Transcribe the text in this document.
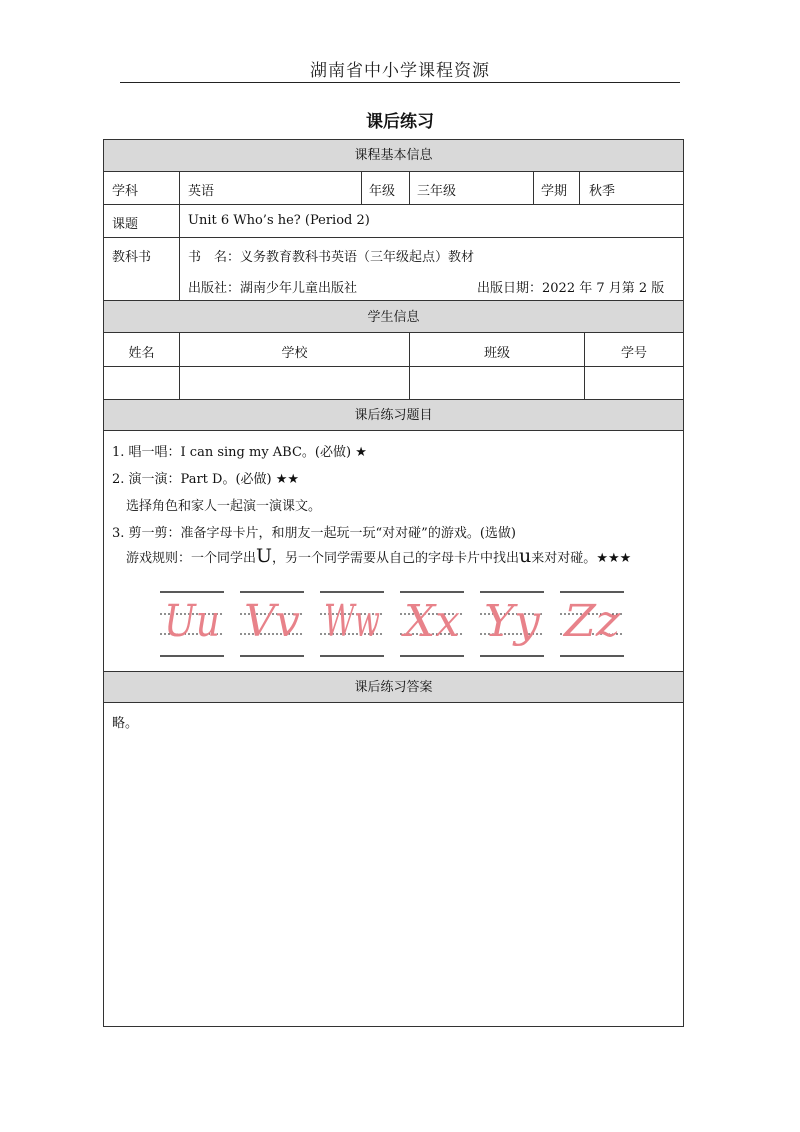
湖南省中小学课程资源
课后练习
课程基本信息
学科	英语	年级 三年级	学期 秋季
课题	Unit 6 Who’s he? (Period 2)
教科书	书　名：义务教育教科书英语（三年级起点）教材
出版社：湖南少年儿童出版社	出版日期：2022 年 7 月第 2 版
学生信息
姓名	学校	班级	学号
课后练习题目
1. 唱一唱：I can sing my ABC。(必做) ★
2. 演一演：Part D。(必做) ★★
选择角色和家人一起演一演课文。
3. 剪一剪：准备字母卡片，和朋友一起玩一玩“对对碰”的游戏。(选做)
游戏规则：一个同学出U，另一个同学需要从自己的字母卡片中找出u来对对碰。★★★
Uu Vv Ww Xx Yy Zz
课后练习答案
略。
